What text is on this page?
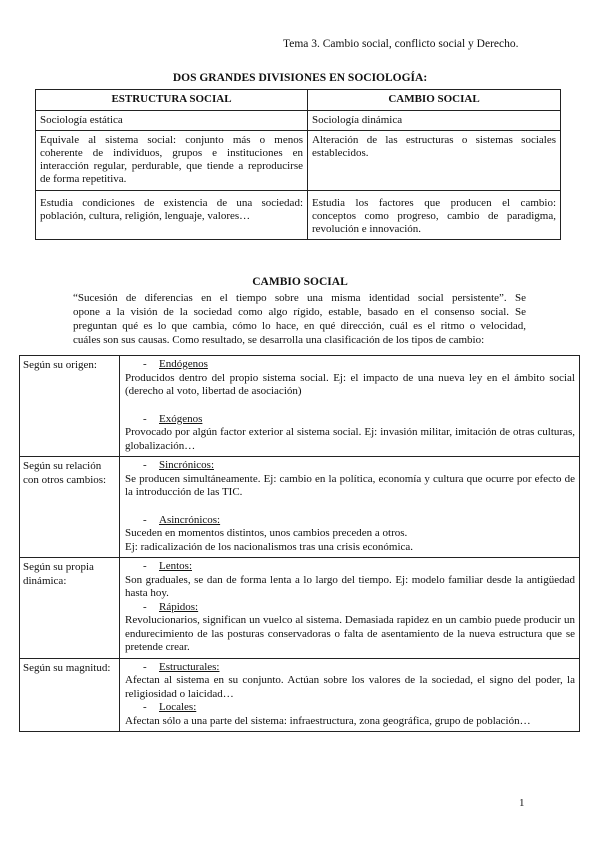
Tema 3. Cambio social, conflicto social y Derecho.
DOS GRANDES DIVISIONES EN SOCIOLOGÍA:
ESTRUCTURA SOCIAL	CAMBIO SOCIAL
Sociología estática	Sociología dinámica
Equivale al sistema social: conjunto más o menos coherente de individuos, grupos e instituciones en interacción regular, perdurable, que tiende a reproducirse de forma repetitiva.	Alteración de las estructuras o sistemas sociales establecidos.
Estudia condiciones de existencia de una sociedad: población, cultura, religión, lenguaje, valores…	Estudia los factores que producen el cambio: conceptos como progreso, cambio de paradigma, revolución e innovación.
CAMBIO SOCIAL
“Sucesión de diferencias en el tiempo sobre una misma identidad social persistente”. Se
opone a la visión de la sociedad como algo rígido, estable, basado en el consenso social. Se
preguntan qué es lo que cambia, cómo lo hace, en qué dirección, cuál es el ritmo o velocidad,
cuáles son sus causas. Como resultado, se desarrolla una clasificación de los tipos de cambio:
Según su origen:	- Endógenos
Producidos dentro del propio sistema social. Ej: el impacto de una nueva ley en el ámbito social (derecho al voto, libertad de asociación)
- Exógenos
Provocado por algún factor exterior al sistema social. Ej: invasión militar, imitación de otras culturas, globalización…

Según su relación con otros cambios:	- Sincrónicos:
Se producen simultáneamente. Ej: cambio en la política, economía y cultura que ocurre por efecto de la introducción de las TIC.
- Asincrónicos:
Suceden en momentos distintos, unos cambios preceden a otros.
Ej: radicalización de los nacionalismos tras una crisis económica.

Según su propia dinámica:	- Lentos:
Son graduales, se dan de forma lenta a lo largo del tiempo. Ej: modelo familiar desde la antigüedad hasta hoy.
- Rápidos:
Revolucionarios, significan un vuelco al sistema. Demasiada rapidez en un cambio puede producir un endurecimiento de las posturas conservadoras o falta de asentamiento de la nueva estructura que se pretende crear.

Según su magnitud:	- Estructurales:
Afectan al sistema en su conjunto. Actúan sobre los valores de la sociedad, el signo del poder, la religiosidad o laicidad…
- Locales:
Afectan sólo a una parte del sistema: infraestructura, zona geográfica, grupo de población…
1
